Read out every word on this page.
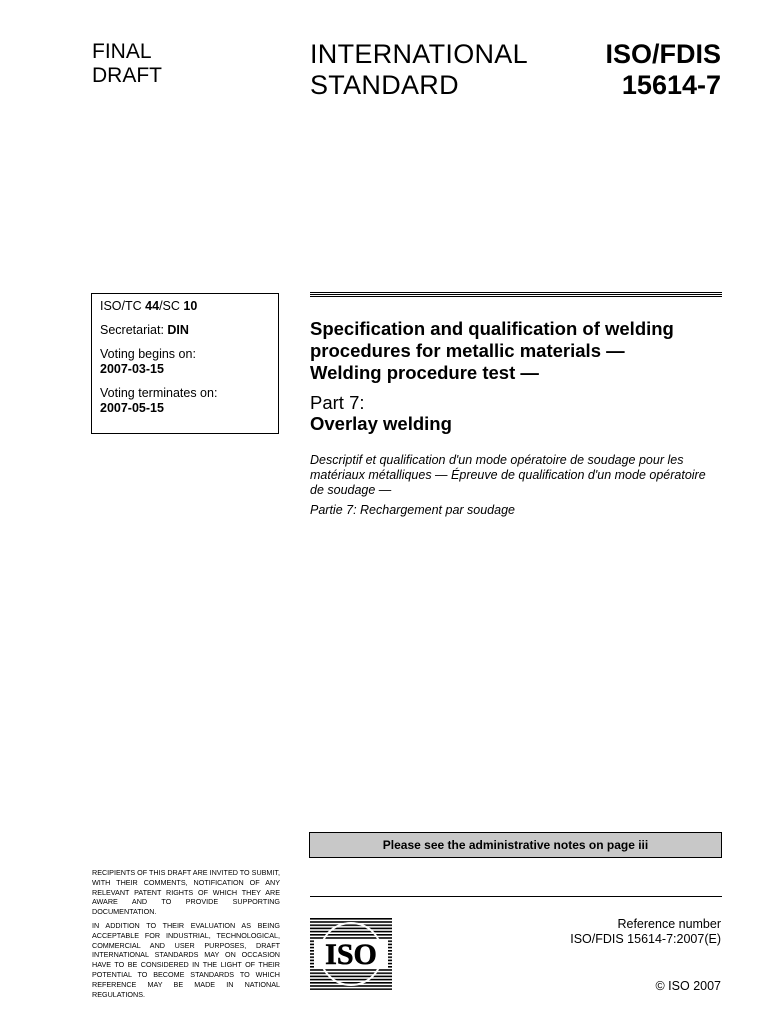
FINAL
DRAFT
INTERNATIONAL
STANDARD
ISO/FDIS
15614-7

ISO/TC 44/SC 10

Secretariat: DIN

Voting begins on:
2007-03-15

Voting terminates on:
2007-05-15

Specification and qualification of welding
procedures for metallic materials —
Welding procedure test —
Part 7:
Overlay welding
Descriptif et qualification d'un mode opératoire de soudage pour les
matériaux métalliques — Épreuve de qualification d'un mode opératoire
de soudage —
Partie 7: Rechargement par soudage
Please see the administrative notes on page iii

RECIPIENTS OF THIS DRAFT ARE INVITED TO SUBMIT, WITH THEIR COMMENTS, NOTIFICATION OF ANY RELEVANT PATENT RIGHTS OF WHICH THEY ARE AWARE AND TO PROVIDE SUPPORTING DOCUMENTATION.

IN ADDITION TO THEIR EVALUATION AS BEING ACCEPTABLE FOR INDUSTRIAL, TECHNOLOGICAL, COMMERCIAL AND USER PURPOSES, DRAFT INTERNATIONAL STANDARDS MAY ON OCCASION HAVE TO BE CONSIDERED IN THE LIGHT OF THEIR POTENTIAL TO BECOME STANDARDS TO WHICH REFERENCE MAY BE MADE IN NATIONAL REGULATIONS.

ISO
Reference number
ISO/FDIS 15614-7:2007(E)
© ISO 2007
